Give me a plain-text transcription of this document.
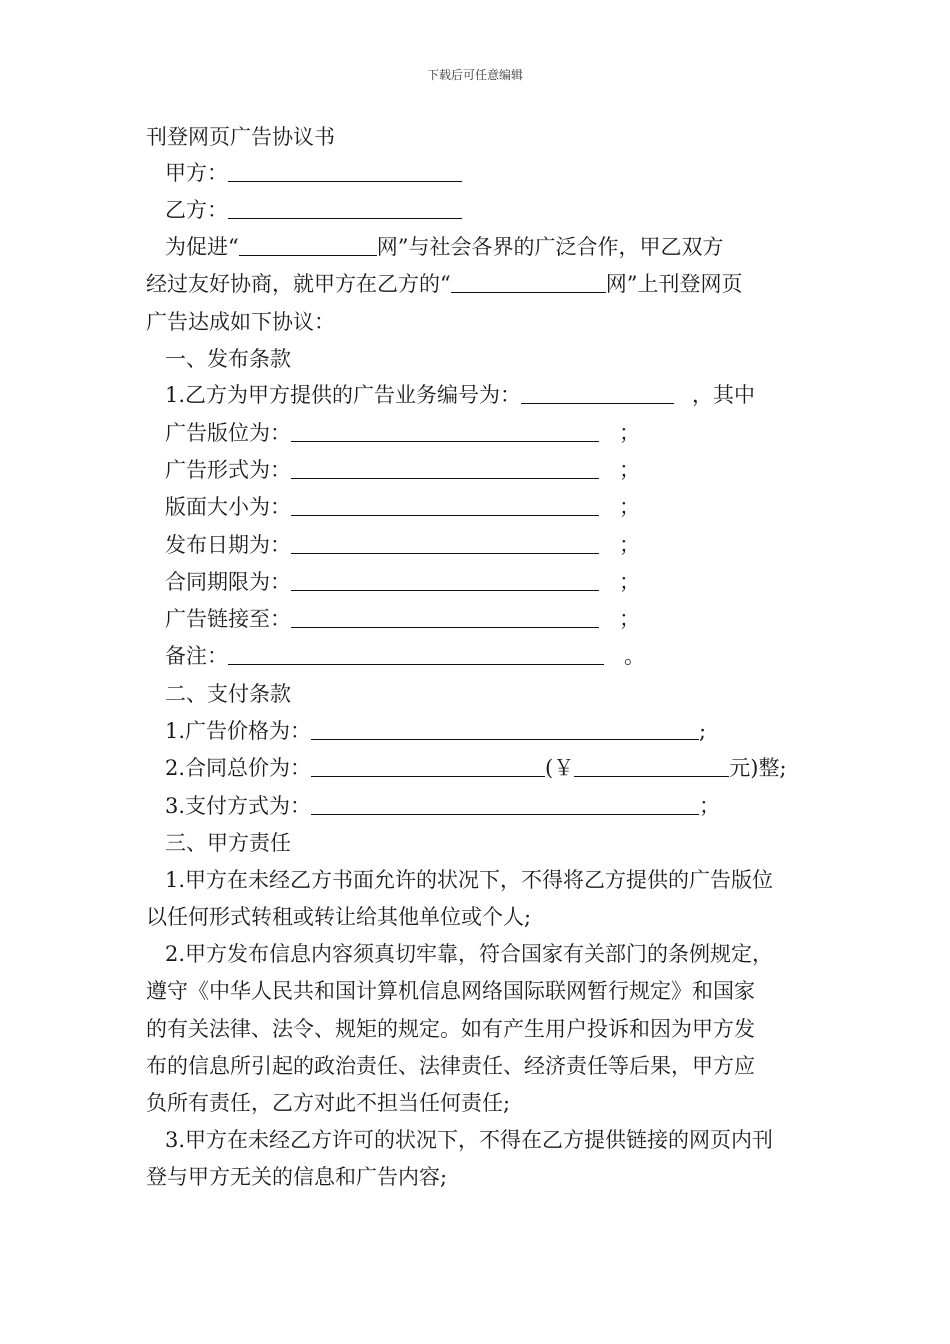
下载后可任意编辑
刊登网页广告协议书
甲方：
乙方：
为促进“	网”与社会各界的广泛合作，甲乙双方
经过友好协商，就甲方在乙方的“	网”上刊登网页
广告达成如下协议：
一、发布条款
1.乙方为甲方提供的广告业务编号为：	，其中
广告版位为：	；
广告形式为：	；
版面大小为：	；
发布日期为：	；
合同期限为：	；
广告链接至：	；
备注：	。
二、支付条款
1.广告价格为：	;
2.合同总价为：	(￥	元)整;
3.支付方式为：	；
三、甲方责任
1.甲方在未经乙方书面允许的状况下，不得将乙方提供的广告版位
以任何形式转租或转让给其他单位或个人;
2.甲方发布信息内容须真切牢靠，符合国家有关部门的条例规定，
遵守《中华人民共和国计算机信息网络国际联网暂行规定》和国家
的有关法律、法令、规矩的规定。如有产生用户投诉和因为甲方发
布的信息所引起的政治责任、法律责任、经济责任等后果，甲方应
负所有责任，乙方对此不担当任何责任;
3.甲方在未经乙方许可的状况下，不得在乙方提供链接的网页内刊
登与甲方无关的信息和广告内容;
